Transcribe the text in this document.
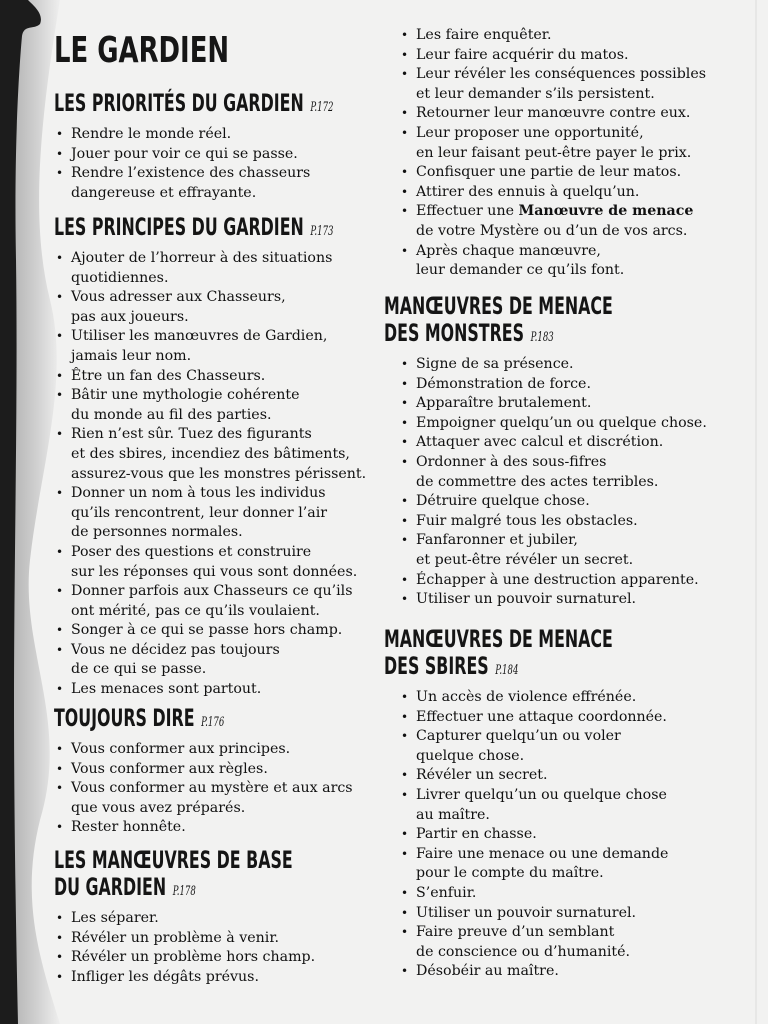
LE GARDIEN
LES PRIORITÉS DU GARDIEN P.172
• Rendre le monde réel.
• Jouer pour voir ce qui se passe.
• Rendre l’existence des chasseurs
dangereuse et effrayante.
LES PRINCIPES DU GARDIEN P.173
• Ajouter de l’horreur à des situations
quotidiennes.
• Vous adresser aux Chasseurs,
pas aux joueurs.
• Utiliser les manœuvres de Gardien,
jamais leur nom.
• Être un fan des Chasseurs.
• Bâtir une mythologie cohérente
du monde au fil des parties.
• Rien n’est sûr. Tuez des figurants
et des sbires, incendiez des bâtiments,
assurez-vous que les monstres périssent.
• Donner un nom à tous les individus
qu’ils rencontrent, leur donner l’air
de personnes normales.
• Poser des questions et construire
sur les réponses qui vous sont données.
• Donner parfois aux Chasseurs ce qu’ils
ont mérité, pas ce qu’ils voulaient.
• Songer à ce qui se passe hors champ.
• Vous ne décidez pas toujours
de ce qui se passe.
• Les menaces sont partout.
TOUJOURS DIRE P.176
• Vous conformer aux principes.
• Vous conformer aux règles.
• Vous conformer au mystère et aux arcs
que vous avez préparés.
• Rester honnête.
LES MANŒUVRES DE BASE
DU GARDIEN P.178
• Les séparer.
• Révéler un problème à venir.
• Révéler un problème hors champ.
• Infliger les dégâts prévus.
• Les faire enquêter.
• Leur faire acquérir du matos.
• Leur révéler les conséquences possibles
et leur demander s’ils persistent.
• Retourner leur manœuvre contre eux.
• Leur proposer une opportunité,
en leur faisant peut-être payer le prix.
• Confisquer une partie de leur matos.
• Attirer des ennuis à quelqu’un.
• Effectuer une Manœuvre de menace
de votre Mystère ou d’un de vos arcs.
• Après chaque manœuvre,
leur demander ce qu’ils font.
MANŒUVRES DE MENACE
DES MONSTRES P.183
• Signe de sa présence.
• Démonstration de force.
• Apparaître brutalement.
• Empoigner quelqu’un ou quelque chose.
• Attaquer avec calcul et discrétion.
• Ordonner à des sous-fifres
de commettre des actes terribles.
• Détruire quelque chose.
• Fuir malgré tous les obstacles.
• Fanfaronner et jubiler,
et peut-être révéler un secret.
• Échapper à une destruction apparente.
• Utiliser un pouvoir surnaturel.
MANŒUVRES DE MENACE
DES SBIRES P.184
• Un accès de violence effrénée.
• Effectuer une attaque coordonnée.
• Capturer quelqu’un ou voler
quelque chose.
• Révéler un secret.
• Livrer quelqu’un ou quelque chose
au maître.
• Partir en chasse.
• Faire une menace ou une demande
pour le compte du maître.
• S’enfuir.
• Utiliser un pouvoir surnaturel.
• Faire preuve d’un semblant
de conscience ou d’humanité.
• Désobéir au maître.
